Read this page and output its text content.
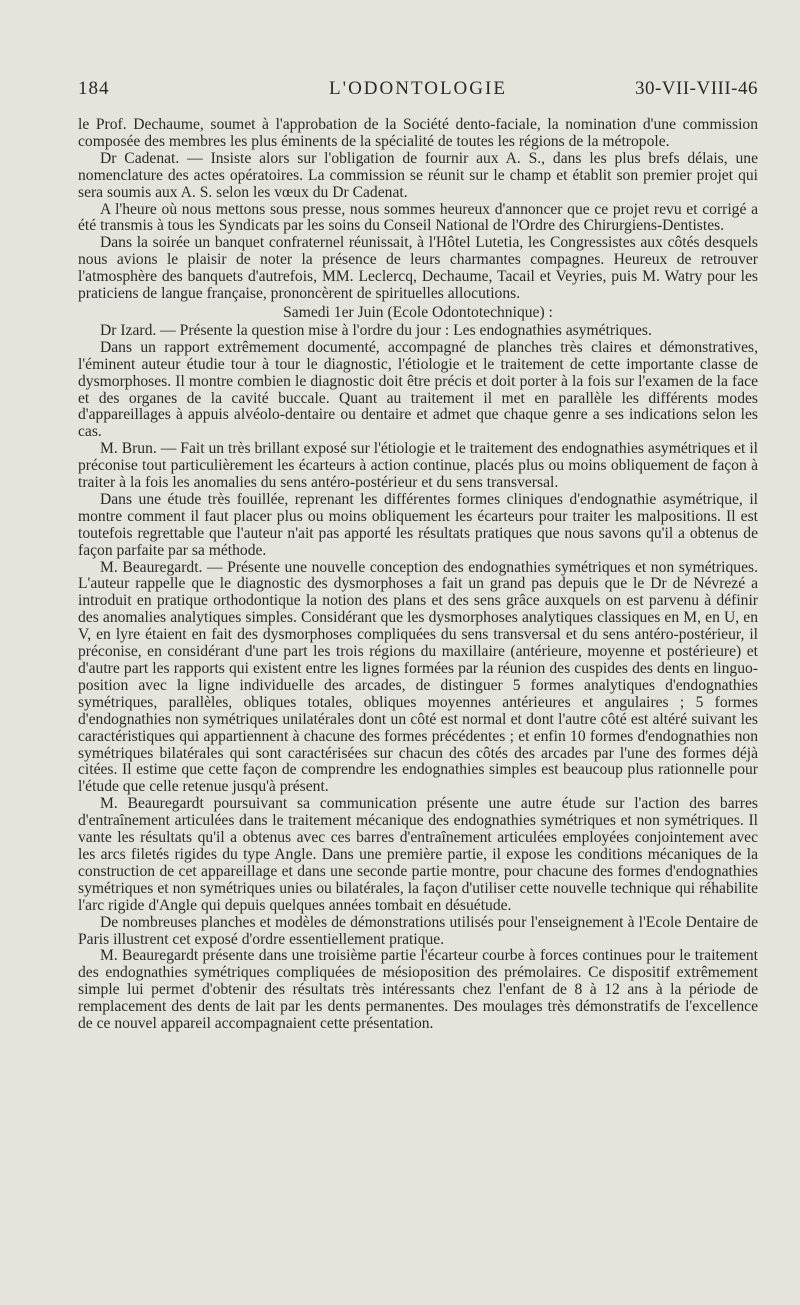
184	L'ODONTOLOGIE	30-VII-VIII-46

le Prof. Dechaume, soumet à l'approbation de la Société dento-faciale, la nomination d'une commission composée des membres les plus éminents de la spécialité de toutes les régions de la métropole.

Dr Cadenat. — Insiste alors sur l'obligation de fournir aux A. S., dans les plus brefs délais, une nomenclature des actes opératoires. La commission se réunit sur le champ et établit son premier projet qui sera soumis aux A. S. selon les vœux du Dr Cadenat.

A l'heure où nous mettons sous presse, nous sommes heureux d'annoncer que ce projet revu et corrigé a été transmis à tous les Syndicats par les soins du Conseil National de l'Ordre des Chirurgiens-Dentistes.

Dans la soirée un banquet confraternel réunissait, à l'Hôtel Lutetia, les Congressistes aux côtés desquels nous avions le plaisir de noter la présence de leurs charmantes compagnes. Heureux de retrouver l'atmosphère des banquets d'autrefois, MM. Leclercq, Dechaume, Tacail et Veyries, puis M. Watry pour les praticiens de langue française, prononcèrent de spirituelles allocutions.

Samedi 1er Juin (Ecole Odontotechnique) :

Dr Izard. — Présente la question mise à l'ordre du jour : Les endognathies asymétriques.

Dans un rapport extrêmement documenté, accompagné de planches très claires et démonstratives, l'éminent auteur étudie tour à tour le diagnostic, l'étiologie et le traitement de cette importante classe de dysmorphoses. Il montre combien le diagnostic doit être précis et doit porter à la fois sur l'examen de la face et des organes de la cavité buccale. Quant au traitement il met en parallèle les différents modes d'appareillages à appuis alvéolo-dentaire ou dentaire et admet que chaque genre a ses indications selon les cas.

M. Brun. — Fait un très brillant exposé sur l'étiologie et le traitement des endognathies asymétriques et il préconise tout particulièrement les écarteurs à action continue, placés plus ou moins obliquement de façon à traiter à la fois les anomalies du sens antéro-postérieur et du sens transversal.

Dans une étude très fouillée, reprenant les différentes formes cliniques d'endognathie asymétrique, il montre comment il faut placer plus ou moins obliquement les écarteurs pour traiter les malpositions. Il est toutefois regrettable que l'auteur n'ait pas apporté les résultats pratiques que nous savons qu'il a obtenus de façon parfaite par sa méthode.

M. Beauregardt. — Présente une nouvelle conception des endognathies symétriques et non symétriques. L'auteur rappelle que le diagnostic des dysmorphoses a fait un grand pas depuis que le Dr de Névrezé a introduit en pratique orthodontique la notion des plans et des sens grâce auxquels on est parvenu à définir des anomalies analytiques simples. Considérant que les dysmorphoses analytiques classiques en M, en U, en V, en lyre étaient en fait des dysmorphoses compliquées du sens transversal et du sens antéro-postérieur, il préconise, en considérant d'une part les trois régions du maxillaire (antérieure, moyenne et postérieure) et d'autre part les rapports qui existent entre les lignes formées par la réunion des cuspides des dents en linguo-position avec la ligne individuelle des arcades, de distinguer 5 formes analytiques d'endognathies symétriques, parallèles, obliques totales, obliques moyennes antérieures et angulaires ; 5 formes d'endognathies non symétriques unilatérales dont un côté est normal et dont l'autre côté est altéré suivant les caractéristiques qui appartiennent à chacune des formes précédentes ; et enfin 10 formes d'endognathies non symétriques bilatérales qui sont caractérisées sur chacun des côtés des arcades par l'une des formes déjà citées. Il estime que cette façon de comprendre les endognathies simples est beaucoup plus rationnelle pour l'étude que celle retenue jusqu'à présent.

M. Beauregardt poursuivant sa communication présente une autre étude sur l'action des barres d'entraînement articulées dans le traitement mécanique des endognathies symétriques et non symétriques. Il vante les résultats qu'il a obtenus avec ces barres d'entraînement articulées employées conjointement avec les arcs filetés rigides du type Angle. Dans une première partie, il expose les conditions mécaniques de la construction de cet appareillage et dans une seconde partie montre, pour chacune des formes d'endognathies symétriques et non symétriques unies ou bilatérales, la façon d'utiliser cette nouvelle technique qui réhabilite l'arc rigide d'Angle qui depuis quelques années tombait en désuétude.

De nombreuses planches et modèles de démonstrations utilisés pour l'enseignement à l'Ecole Dentaire de Paris illustrent cet exposé d'ordre essentiellement pratique.

M. Beauregardt présente dans une troisième partie l'écarteur courbe à forces continues pour le traitement des endognathies symétriques compliquées de mésioposition des prémolaires. Ce dispositif extrêmement simple lui permet d'obtenir des résultats très intéressants chez l'enfant de 8 à 12 ans à la période de remplacement des dents de lait par les dents permanentes. Des moulages très démonstratifs de l'excellence de ce nouvel appareil accompagnaient cette présentation.
